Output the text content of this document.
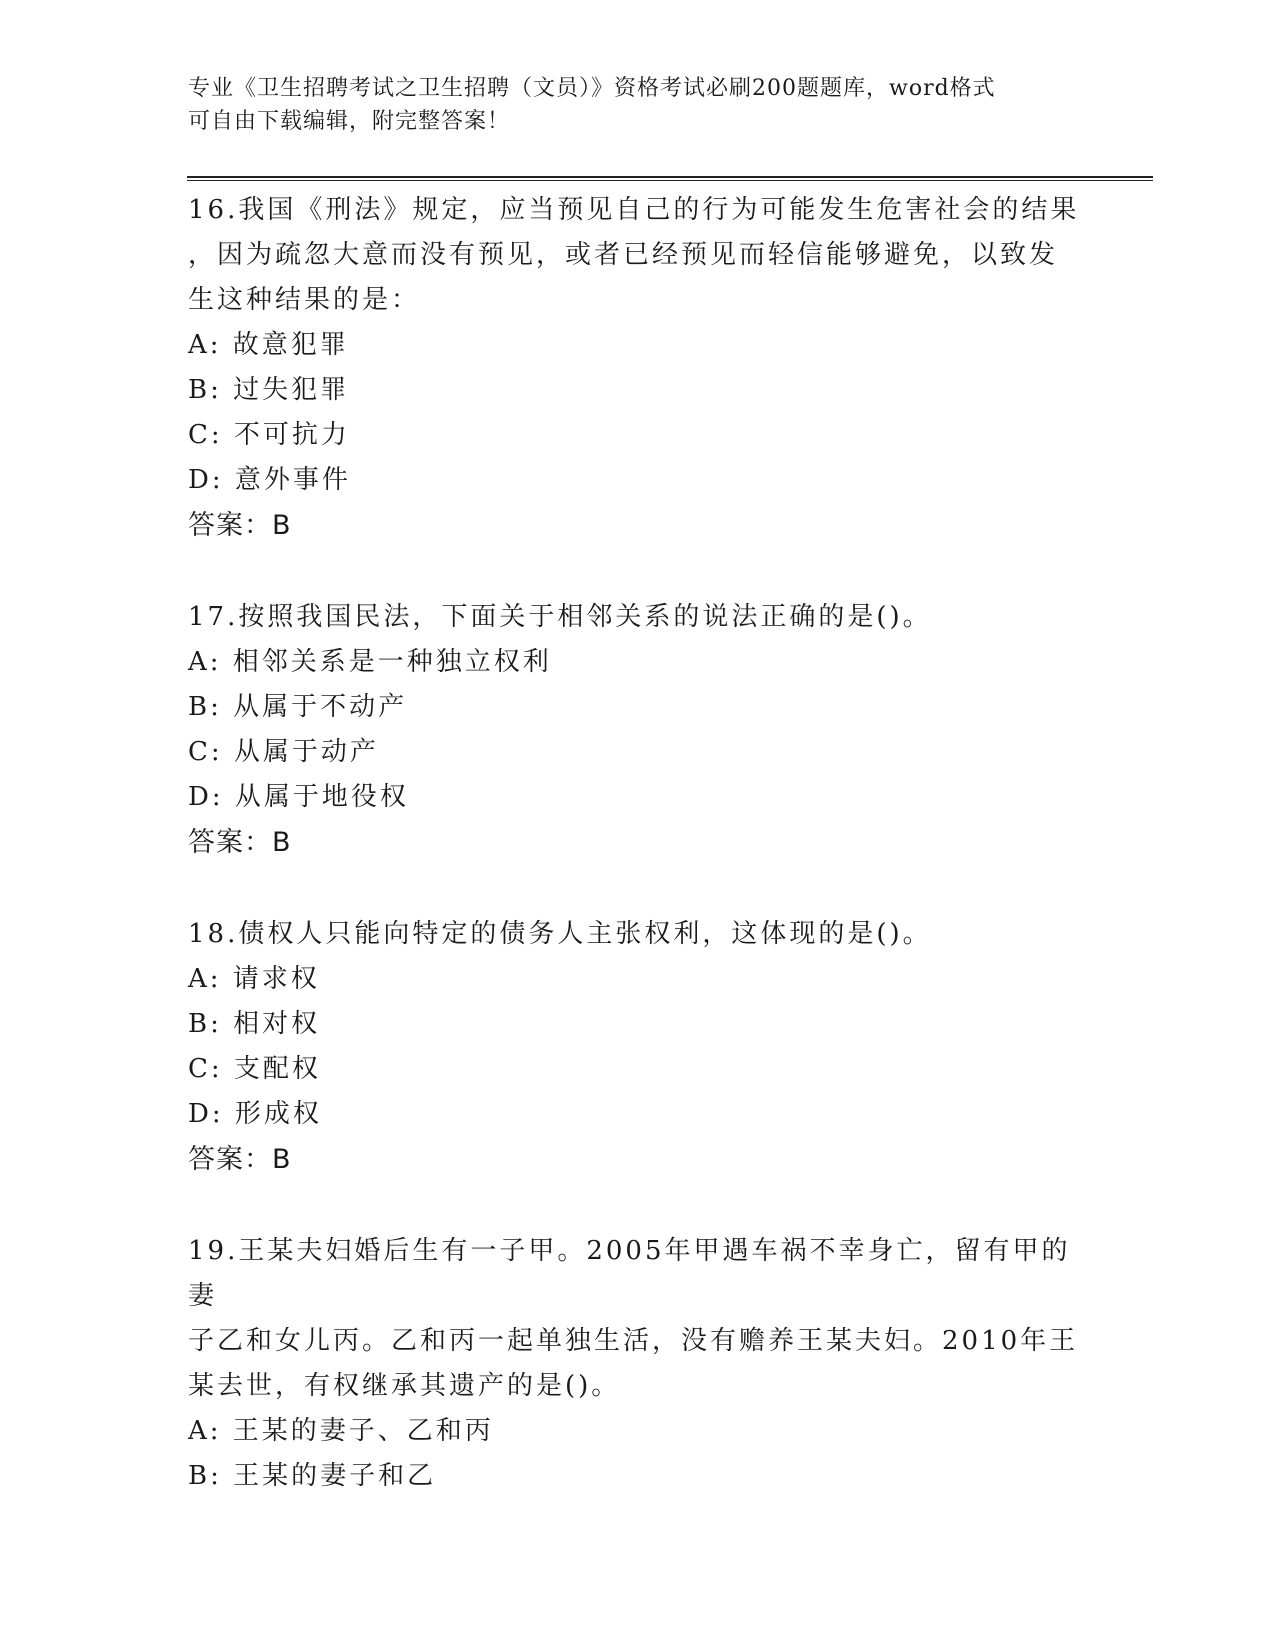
专业《卫生招聘考试之卫生招聘（文员）》资格考试必刷200题题库，word格式
可自由下载编辑，附完整答案！

16.我国《刑法》规定，应当预见自己的行为可能发生危害社会的结果

，因为疏忽大意而没有预见，或者已经预见而轻信能够避免，以致发

生这种结果的是：

A: 故意犯罪

B: 过失犯罪

C: 不可抗力

D: 意外事件

答案：B

17.按照我国民法，下面关于相邻关系的说法正确的是()。

A: 相邻关系是一种独立权利

B: 从属于不动产

C: 从属于动产

D: 从属于地役权

答案：B

18.债权人只能向特定的债务人主张权利，这体现的是()。

A: 请求权

B: 相对权

C: 支配权

D: 形成权

答案：B

19.王某夫妇婚后生有一子甲。2005年甲遇车祸不幸身亡，留有甲的妻

子乙和女儿丙。乙和丙一起单独生活，没有赡养王某夫妇。2010年王

某去世，有权继承其遗产的是()。

A: 王某的妻子、乙和丙

B: 王某的妻子和乙
